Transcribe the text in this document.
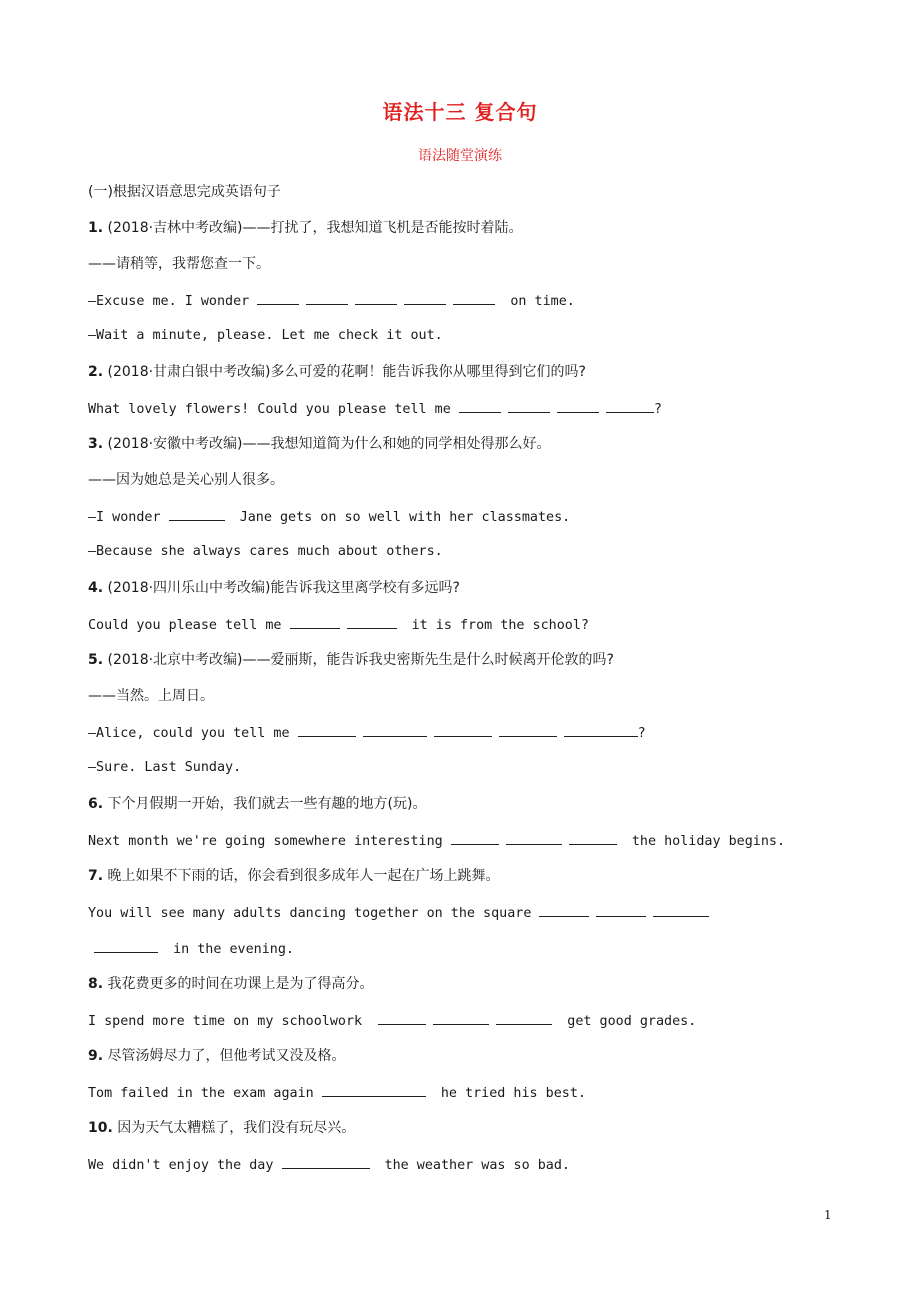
语法十三 复合句
语法随堂演练
(一)根据汉语意思完成英语句子
1. (2018·吉林中考改编)——打扰了，我想知道飞机是否能按时着陆。
——请稍等，我帮您查一下。
—Excuse me. I wonder	on time.
—Wait a minute, please. Let me check it out.
2. (2018·甘肃白银中考改编)多么可爱的花啊！能告诉我你从哪里得到它们的吗?
What lovely flowers! Could you please tell me	?
3. (2018·安徽中考改编)——我想知道简为什么和她的同学相处得那么好。
——因为她总是关心别人很多。
—I wonder	Jane gets on so well with her classmates.
—Because she always cares much about others.
4. (2018·四川乐山中考改编)能告诉我这里离学校有多远吗?
Could you please tell me	it is from the school?
5. (2018·北京中考改编)——爱丽斯，能告诉我史密斯先生是什么时候离开伦敦的吗?
——当然。上周日。
—Alice, could you tell me	?
—Sure. Last Sunday.
6. 下个月假期一开始，我们就去一些有趣的地方(玩)。
Next month we're going somewhere interesting	the holiday begins.
7. 晚上如果不下雨的话，你会看到很多成年人一起在广场上跳舞。
You will see many adults dancing together on the square
in the evening.
8. 我花费更多的时间在功课上是为了得高分。
I spend more time on my schoolwork	get good grades.
9. 尽管汤姆尽力了，但他考试又没及格。
Tom failed in the exam again	he tried his best.
10. 因为天气太糟糕了，我们没有玩尽兴。
We didn't enjoy the day	the weather was so bad.
1
